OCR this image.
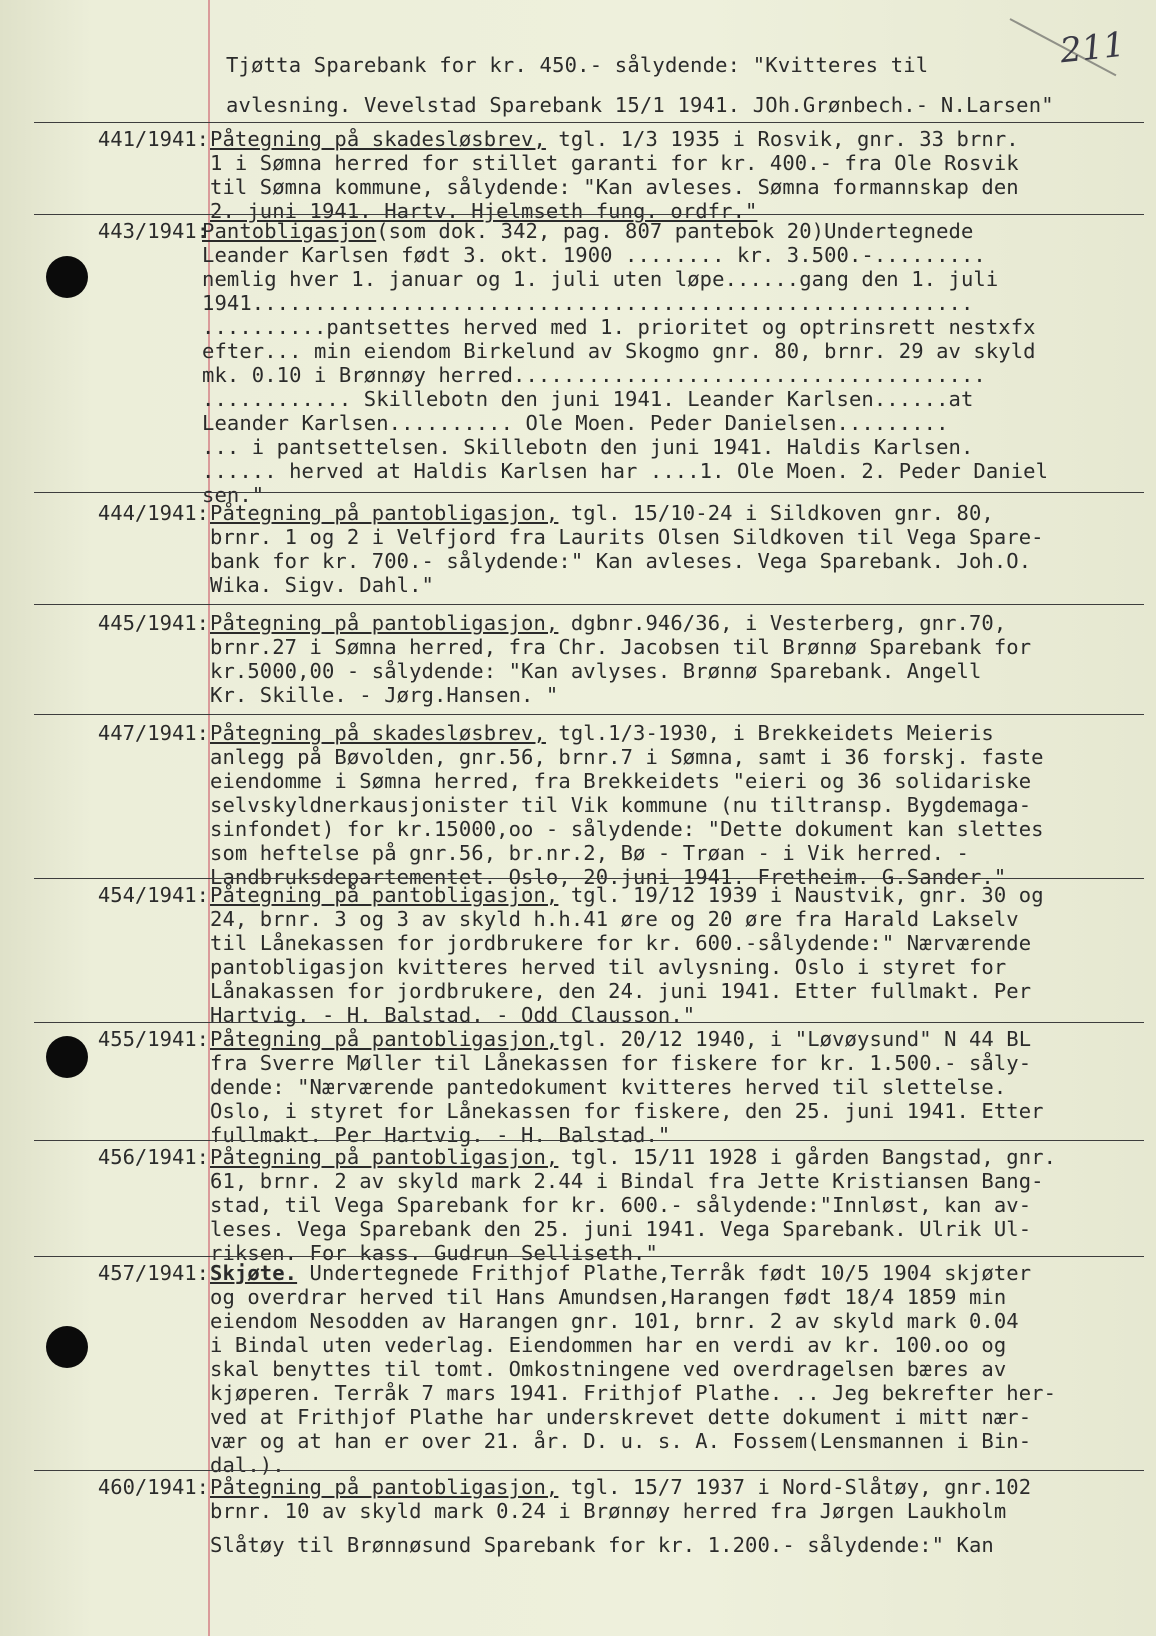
211
Tjøtta Sparebank for kr. 450.- sålydende: "Kvitteres til
avlesning. Vevelstad Sparebank 15/1 1941. JOh.Grønbech.- N.Larsen"
441/1941: Påtegning på skadesløsbrev, tgl. 1/3 1935 i Rosvik, gnr. 33 brnr.
1 i Sømna herred for stillet garanti for kr. 400.- fra Ole Rosvik
til Sømna kommune, sålydende: "Kan avleses. Sømna formannskap den
2. juni 1941. Hartv. Hjelmseth fung. ordfr."
443/1941:
Pantobligasjon(som dok. 342, pag. 807 pantebok 20)Undertegnede
Leander Karlsen født 3. okt. 1900 ........ kr. 3.500.-.........
nemlig hver 1. januar og 1. juli uten løpe......gang den 1. juli
1941..........................................................
..........pantsettes herved med 1. prioritet og optrinsrett nestxfx
efter... min eiendom Birkelund av Skogmo gnr. 80, brnr. 29 av skyld
mk. 0.10 i Brønnøy herred......................................
............ Skillebotn den juni 1941. Leander Karlsen......at
Leander Karlsen.......... Ole Moen. Peder Danielsen.........
... i pantsettelsen. Skillebotn den juni 1941. Haldis Karlsen.
...... herved at Haldis Karlsen har ....1. Ole Moen. 2. Peder Daniel
sen."
444/1941: Påtegning på pantobligasjon, tgl. 15/10-24 i Sildkoven gnr. 80,
brnr. 1 og 2 i Velfjord fra Laurits Olsen Sildkoven til Vega Spare-
bank for kr. 700.- sålydende:" Kan avleses. Vega Sparebank. Joh.O.
Wika. Sigv. Dahl."
445/1941: Påtegning på pantobligasjon, dgbnr.946/36, i Vesterberg, gnr.70,
brnr.27 i Sømna herred, fra Chr. Jacobsen til Brønnø Sparebank for
kr.5000,00 - sålydende: "Kan avlyses. Brønnø Sparebank. Angell
Kr. Skille. - Jørg.Hansen. "
447/1941: Påtegning på skadesløsbrev, tgl.1/3-1930, i Brekkeidets Meieris
anlegg på Bøvolden, gnr.56, brnr.7 i Sømna, samt i 36 forskj. faste
eiendomme i Sømna herred, fra Brekkeidets "eieri og 36 solidariske
selvskyldnerkausjonister til Vik kommune (nu tiltransp. Bygdemaga-
sinfondet) for kr.15000,oo - sålydende: "Dette dokument kan slettes
som heftelse på gnr.56, br.nr.2, Bø - Trøan - i Vik herred. -
Landbruksdepartementet. Oslo, 20.juni 1941. Fretheim. G.Sander."
454/1941: Påtegning på pantobligasjon, tgl. 19/12 1939 i Naustvik, gnr. 30 og
24, brnr. 3 og 3 av skyld h.h.41 øre og 20 øre fra Harald Lakselv
til Lånekassen for jordbrukere for kr. 600.-sålydende:" Nærværende
pantobligasjon kvitteres herved til avlysning. Oslo i styret for
Lånakassen for jordbrukere, den 24. juni 1941. Etter fullmakt. Per
Hartvig. - H. Balstad. - Odd Clausson."
455/1941: Påtegning på pantobligasjon,tgl. 20/12 1940, i "Løvøysund" N 44 BL
fra Sverre Møller til Lånekassen for fiskere for kr. 1.500.- såly-
dende: "Nærværende pantedokument kvitteres herved til slettelse.
Oslo, i styret for Lånekassen for fiskere, den 25. juni 1941. Etter
fullmakt. Per Hartvig. - H. Balstad."
456/1941: Påtegning på pantobligasjon, tgl. 15/11 1928 i gården Bangstad, gnr.
61, brnr. 2 av skyld mark 2.44 i Bindal fra Jette Kristiansen Bang-
stad, til Vega Sparebank for kr. 600.- sålydende:"Innløst, kan av-
leses. Vega Sparebank den 25. juni 1941. Vega Sparebank. Ulrik Ul-
riksen. For kass. Gudrun Selliseth."
457/1941: Skjøte. Undertegnede Frithjof Plathe,Terråk født 10/5 1904 skjøter
og overdrar herved til Hans Amundsen,Harangen født 18/4 1859 min
eiendom Nesodden av Harangen gnr. 101, brnr. 2 av skyld mark 0.04
i Bindal uten vederlag. Eiendommen har en verdi av kr. 100.oo og
skal benyttes til tomt. Omkostningene ved overdragelsen bæres av
kjøperen. Terråk 7 mars 1941. Frithjof Plathe. .. Jeg bekrefter her-
ved at Frithjof Plathe har underskrevet dette dokument i mitt nær-
vær og at han er over 21. år. D. u. s. A. Fossem(Lensmannen i Bin-
dal.).
460/1941: Påtegning på pantobligasjon, tgl. 15/7 1937 i Nord-Slåtøy, gnr.102
brnr. 10 av skyld mark 0.24 i Brønnøy herred fra Jørgen Laukholm
Slåtøy til Brønnøsund Sparebank for kr. 1.200.- sålydende:" Kan
